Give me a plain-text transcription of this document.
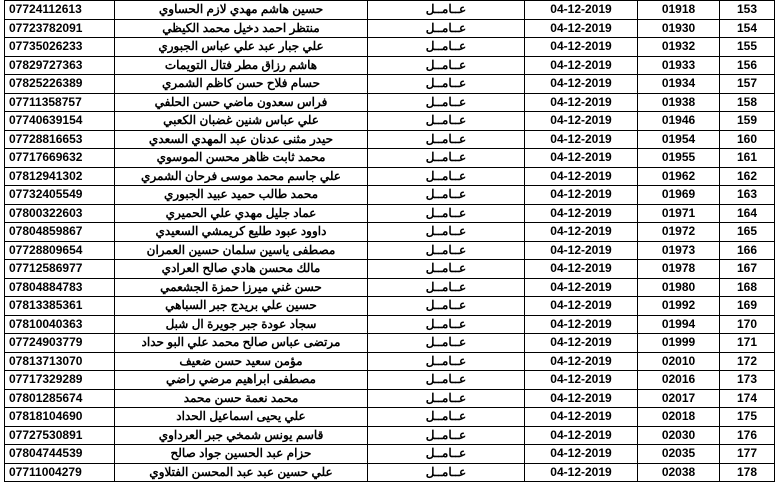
07724112613	حسين هاشم مهدي لازم الحساوي	عــامــل	04-12-2019	01918	153
07723782091	منتظر احمد دخيل محمد الكيظي	عــامــل	04-12-2019	01930	154
07735026233	علي جبار عبد علي عباس الجبوري	عــامــل	04-12-2019	01932	155
07829727363	هاشم رزاق مطر فتال التويمات	عــامــل	04-12-2019	01933	156
07825226389	حسام فلاح حسن كاظم الشمري	عــامــل	04-12-2019	01934	157
07711358757	فراس سعدون ماضي حسن الحلفي	عــامــل	04-12-2019	01938	158
07740639154	علي عباس شنين غضبان الكعبي	عــامــل	04-12-2019	01946	159
07728816653	حيدر مثنى عدنان عبد المهدي السعدي	عــامــل	04-12-2019	01954	160
07717669632	محمد ثابت ظاهر محسن الموسوي	عــامــل	04-12-2019	01955	161
07812941302	علي جاسم محمد موسى فرحان الشمري	عــامــل	04-12-2019	01962	162
07732405549	محمد طالب حميد عبيد الجبوري	عــامــل	04-12-2019	01969	163
07800322603	عماد جليل مهدي علي الحميري	عــامــل	04-12-2019	01971	164
07804859867	داوود عبود طليع كريمشي السعيدي	عــامــل	04-12-2019	01972	165
07728809654	مصطفى ياسين سلمان حسين العمران	عــامــل	04-12-2019	01973	166
07712586977	مالك محسن هادي صالح العرادي	عــامــل	04-12-2019	01978	167
07804884783	حسن غني ميرزا حمزة الجشعمي	عــامــل	04-12-2019	01980	168
07813385361	حسين علي بريدج جبر السباهي	عــامــل	04-12-2019	01992	169
07810040363	سجاد عودة جبر جويرة ال شبل	عــامــل	04-12-2019	01994	170
07724903779	مرتضى عباس صالح محمد علي البو حداد	عــامــل	04-12-2019	01999	171
07813713070	مؤمن سعيد حسن ضعيف	عــامــل	04-12-2019	02010	172
07717329289	مصطفى ابراهيم مرضي راضي	عــامــل	04-12-2019	02016	173
07801285674	محمد نعمة حسن محمد	عــامــل	04-12-2019	02017	174
07818104690	علي يحيى اسماعيل الحداد	عــامــل	04-12-2019	02018	175
07727530891	قاسم يونس شمخي جبر العرداوي	عــامــل	04-12-2019	02030	176
07804744539	حزام عبد الحسين جواد صالح	عــامــل	04-12-2019	02035	177
07711004279	علي حسين عبد عبد المحسن الفتلاوي	عــامــل	04-12-2019	02038	178
